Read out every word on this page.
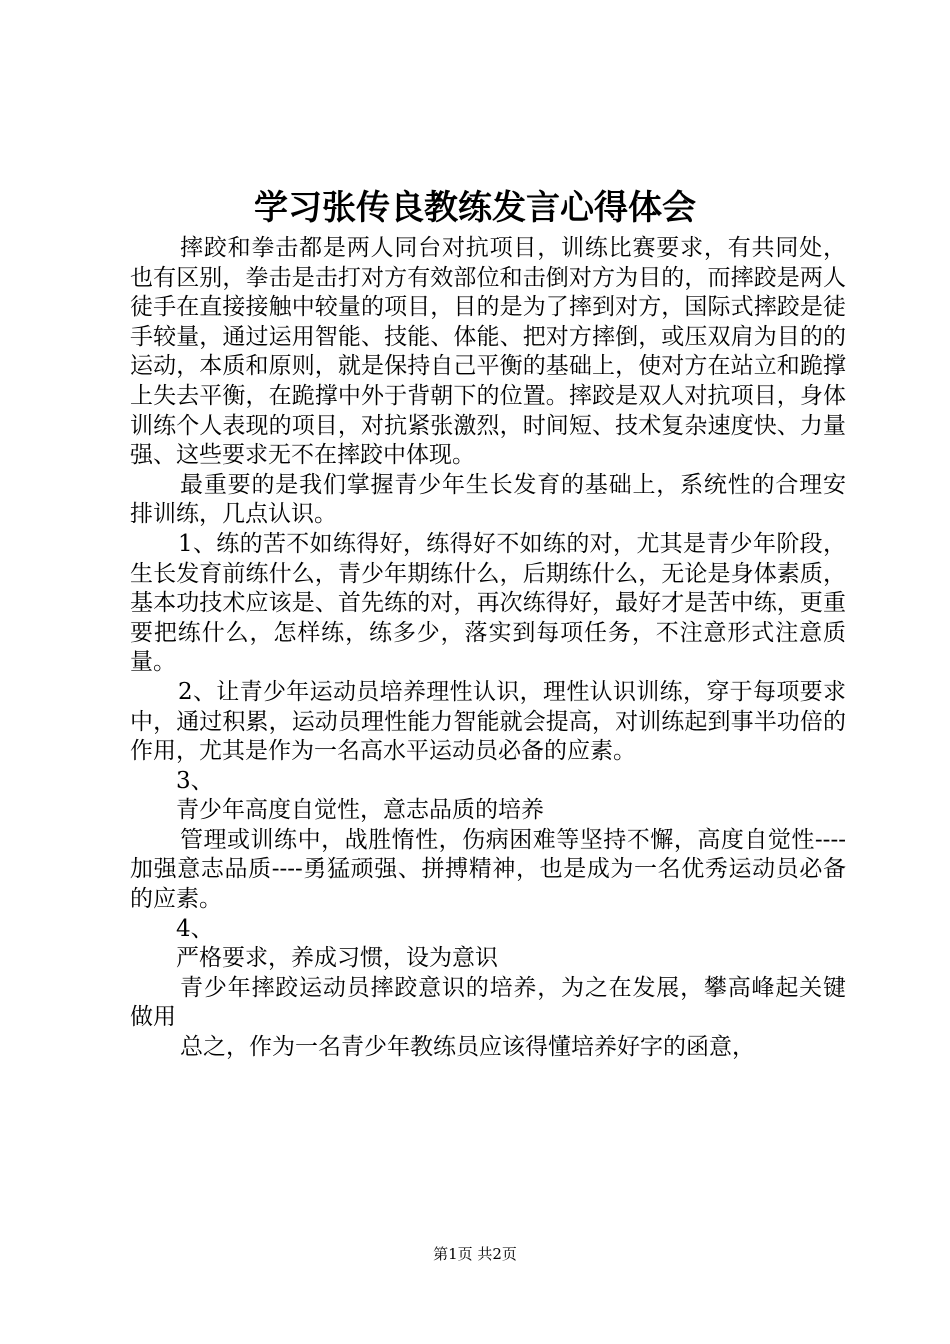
学习张传良教练发言心得体会

摔跤和拳击都是两人同台对抗项目，训练比赛要求，有共同处，也有区别，拳击是击打对方有效部位和击倒对方为目的，而摔跤是两人徒手在直接接触中较量的项目，目的是为了摔到对方，国际式摔跤是徒手较量，通过运用智能、技能、体能、把对方摔倒，或压双肩为目的的运动，本质和原则，就是保持自己平衡的基础上，使对方在站立和跪撑上失去平衡，在跪撑中外于背朝下的位置。摔跤是双人对抗项目，身体训练个人表现的项目，对抗紧张激烈，时间短、技术复杂速度快、力量强、这些要求无不在摔跤中体现。

最重要的是我们掌握青少年生长发育的基础上，系统性的合理安排训练，几点认识。

1、练的苦不如练得好，练得好不如练的对，尤其是青少年阶段，生长发育前练什么，青少年期练什么，后期练什么，无论是身体素质，基本功技术应该是、首先练的对，再次练得好，最好才是苦中练，更重要把练什么，怎样练，练多少，落实到每项任务，不注意形式注意质量。

2、让青少年运动员培养理性认识，理性认识训练，穿于每项要求中，通过积累，运动员理性能力智能就会提高，对训练起到事半功倍的作用，尤其是作为一名高水平运动员必备的应素。

3、

青少年高度自觉性，意志品质的培养

管理或训练中，战胜惰性，伤病困难等坚持不懈，高度自觉性----加强意志品质----勇猛顽强、拼搏精神，也是成为一名优秀运动员必备的应素。

4、

严格要求，养成习惯，设为意识

青少年摔跤运动员摔跤意识的培养，为之在发展，攀高峰起关键做用

总之，作为一名青少年教练员应该得懂培养好字的函意，

第1页 共2页
